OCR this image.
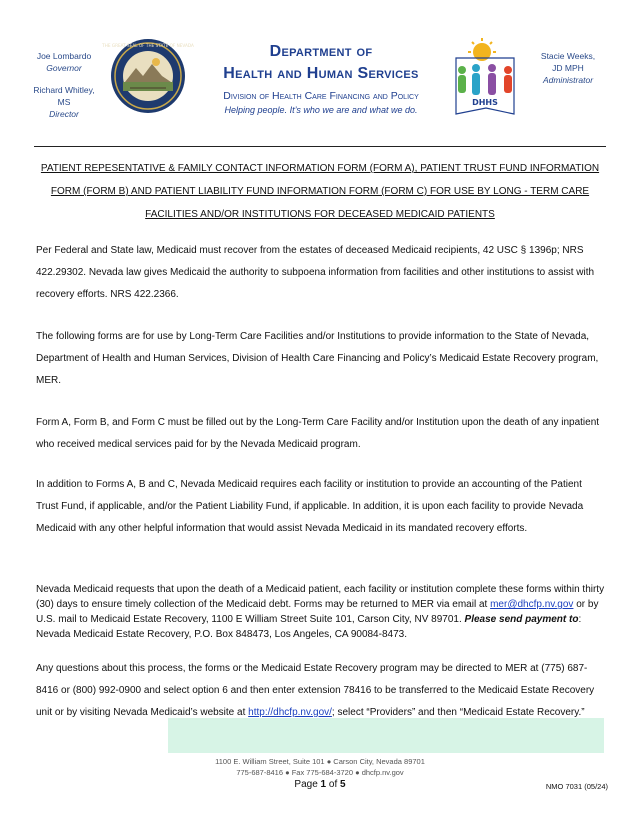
Joe Lombardo
Governor
Richard Whitley, MS
Director
THE GREAT SEAL OF THE STATE OF NEVADA	Department of
Health and Human Services
Division of Health Care Financing and Policy
Helping people. It’s who we are and what we do.
DHHS
Stacie Weeks,
JD MPH
Administrator
PATIENT REPESENTATIVE & FAMILY CONTACT INFORMATION FORM (FORM A), PATIENT TRUST FUND INFORMATION FORM (FORM B) AND PATIENT LIABILITY FUND INFORMATION FORM (FORM C) FOR USE BY LONG - TERM CARE FACILITIES AND/OR INSTITUTIONS FOR DECEASED MEDICAID PATIENTS
Per Federal and State law, Medicaid must recover from the estates of deceased Medicaid recipients, 42 USC § 1396p; NRS 422.29302. Nevada law gives Medicaid the authority to subpoena information from facilities and other institutions to assist with recovery efforts. NRS 422.2366.
The following forms are for use by Long-Term Care Facilities and/or Institutions to provide information to the State of Nevada, Department of Health and Human Services, Division of Health Care Financing and Policy’s Medicaid Estate Recovery program, MER.
Form A, Form B, and Form C must be filled out by the Long-Term Care Facility and/or Institution upon the death of any inpatient who received medical services paid for by the Nevada Medicaid program.
In addition to Forms A, B and C, Nevada Medicaid requires each facility or institution to provide an accounting of the Patient Trust Fund, if applicable, and/or the Patient Liability Fund, if applicable. In addition, it is upon each facility to provide Nevada Medicaid with any other helpful information that would assist Nevada Medicaid in its mandated recovery efforts.
Nevada Medicaid requests that upon the death of a Medicaid patient, each facility or institution complete these forms within thirty (30) days to ensure timely collection of the Medicaid debt. Forms may be returned to MER via email at mer@dhcfp.nv.gov or by U.S. mail to Medicaid Estate Recovery, 1100 E William Street Suite 101, Carson City, NV 89701. Please send payment to: Nevada Medicaid Estate Recovery, P.O. Box 848473, Los Angeles, CA 90084-8473.
Any questions about this process, the forms or the Medicaid Estate Recovery program may be directed to MER at (775) 687-8416 or (800) 992-0900 and select option 6 and then enter extension 78416 to be transferred to the Medicaid Estate Recovery unit or by visiting Nevada Medicaid’s website at http://dhcfp.nv.gov/; select “Providers” and then “Medicaid Estate Recovery.”
1100 E. William Street, Suite 101 ● Carson City, Nevada 89701
775-687-8416 ● Fax 775-684-3720 ● dhcfp.nv.gov
Page 1 of 5	NMO 7031 (05/24)
